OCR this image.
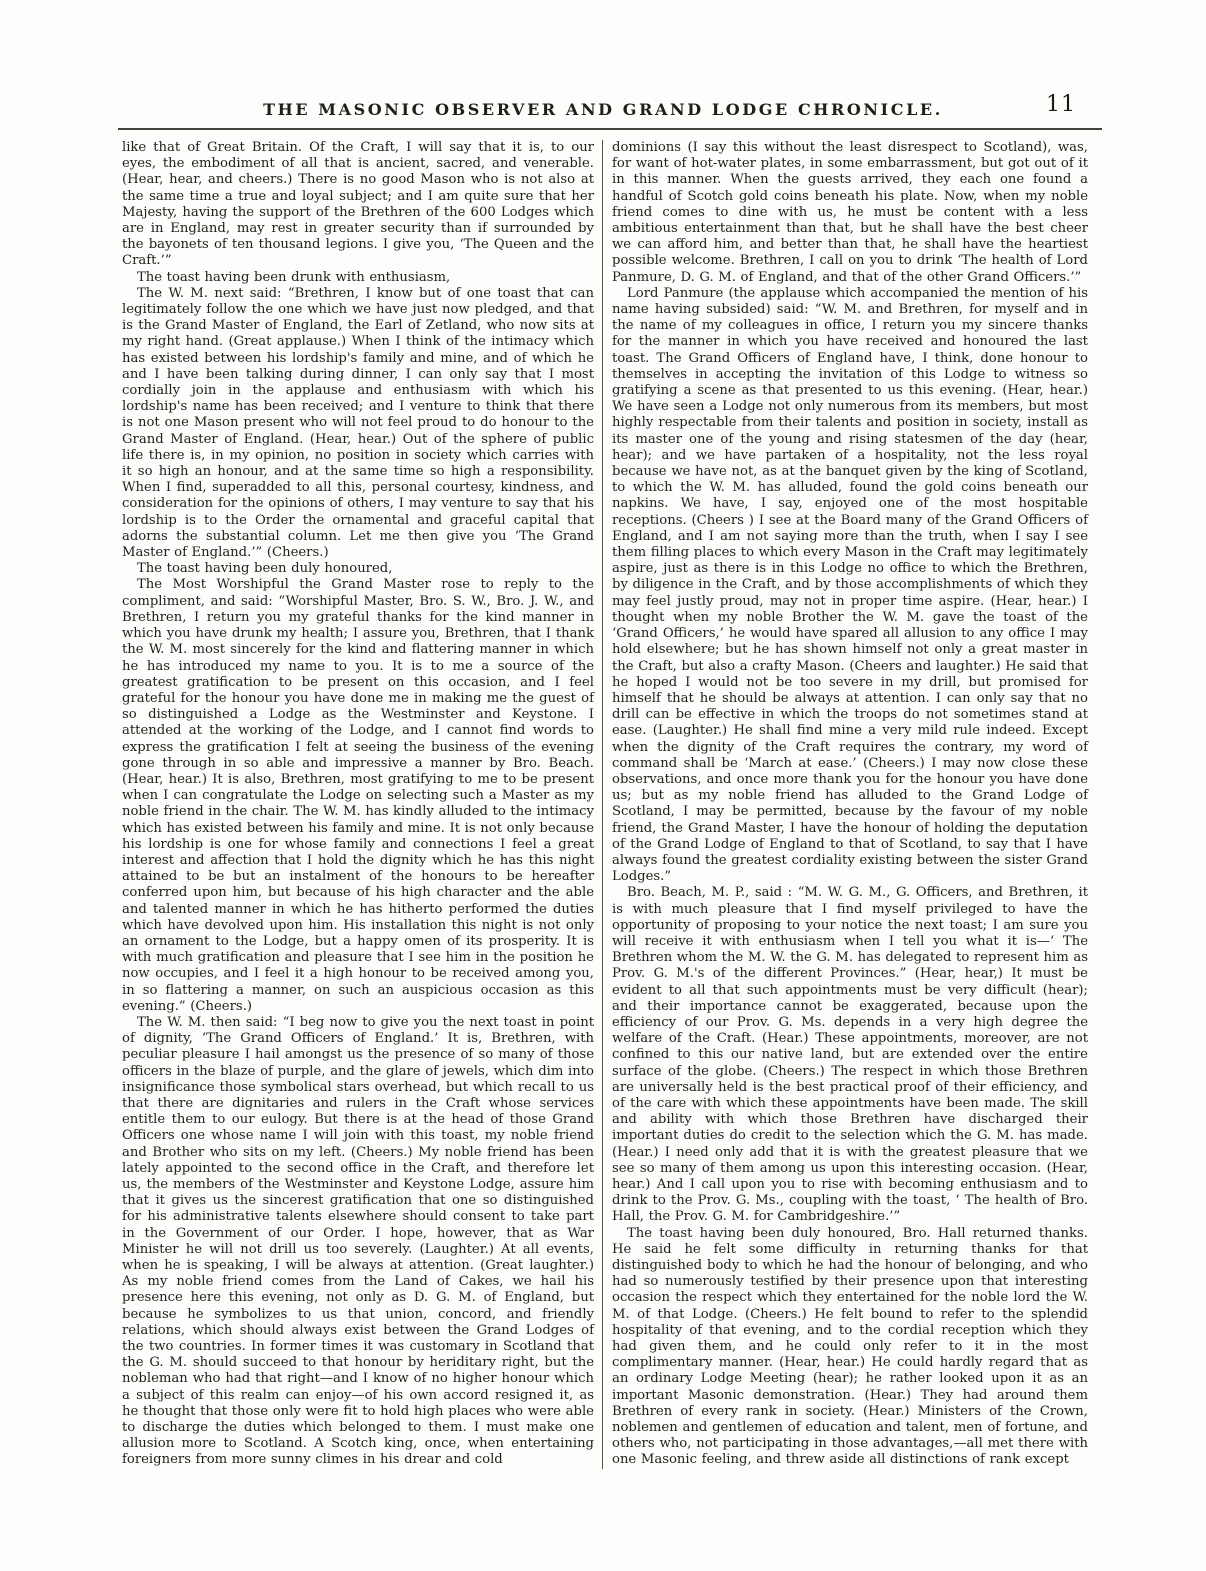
THE MASONIC OBSERVER AND GRAND LODGE CHRONICLE.	11

like that of Great Britain. Of the Craft, I will say that it is, to our eyes, the embodiment of all that is ancient, sacred, and venerable. (Hear, hear, and cheers.) There is no good Mason who is not also at the same time a true and loyal subject; and I am quite sure that her Majesty, having the support of the Brethren of the 600 Lodges which are in England, may rest in greater security than if surrounded by the bayonets of ten thousand legions. I give you, ‘The Queen and the Craft.’”

The toast having been drunk with enthusiasm,

The W. M. next said: “Brethren, I know but of one toast that can legitimately follow the one which we have just now pledged, and that is the Grand Master of England, the Earl of Zetland, who now sits at my right hand. (Great applause.) When I think of the intimacy which has existed between his lordship's family and mine, and of which he and I have been talking during dinner, I can only say that I most cordially join in the applause and enthusiasm with which his lordship's name has been received; and I venture to think that there is not one Mason present who will not feel proud to do honour to the Grand Master of England. (Hear, hear.) Out of the sphere of public life there is, in my opinion, no position in society which carries with it so high an honour, and at the same time so high a responsibility. When I find, superadded to all this, personal courtesy, kindness, and consideration for the opinions of others, I may venture to say that his lordship is to the Order the ornamental and graceful capital that adorns the substantial column. Let me then give you ‘The Grand Master of England.’” (Cheers.)

The toast having been duly honoured,

The Most Worshipful the Grand Master rose to reply to the compliment, and said: “Worshipful Master, Bro. S. W., Bro. J. W., and Brethren, I return you my grateful thanks for the kind manner in which you have drunk my health; I assure you, Brethren, that I thank the W. M. most sincerely for the kind and flattering manner in which he has introduced my name to you. It is to me a source of the greatest gratification to be present on this occasion, and I feel grateful for the honour you have done me in making me the guest of so distinguished a Lodge as the Westminster and Keystone. I attended at the working of the Lodge, and I cannot find words to express the gratification I felt at seeing the business of the evening gone through in so able and impressive a manner by Bro. Beach. (Hear, hear.) It is also, Brethren, most gratifying to me to be present when I can congratulate the Lodge on selecting such a Master as my noble friend in the chair. The W. M. has kindly alluded to the intimacy which has existed between his family and mine. It is not only because his lordship is one for whose family and connections I feel a great interest and affection that I hold the dignity which he has this night attained to be but an instalment of the honours to be hereafter conferred upon him, but because of his high character and the able and talented manner in which he has hitherto performed the duties which have devolved upon him. His installation this night is not only an ornament to the Lodge, but a happy omen of its prosperity. It is with much gratification and pleasure that I see him in the position he now occupies, and I feel it a high honour to be received among you, in so flattering a manner, on such an auspicious occasion as this evening.” (Cheers.)

The W. M. then said: “I beg now to give you the next toast in point of dignity, ‘The Grand Officers of England.’ It is, Brethren, with peculiar pleasure I hail amongst us the presence of so many of those officers in the blaze of purple, and the glare of jewels, which dim into insignificance those symbolical stars overhead, but which recall to us that there are dignitaries and rulers in the Craft whose services entitle them to our eulogy. But there is at the head of those Grand Officers one whose name I will join with this toast, my noble friend and Brother who sits on my left. (Cheers.) My noble friend has been lately appointed to the second office in the Craft, and therefore let us, the members of the Westminster and Keystone Lodge, assure him that it gives us the sincerest gratification that one so distinguished for his administrative talents elsewhere should consent to take part in the Government of our Order. I hope, however, that as War Minister he will not drill us too severely. (Laughter.) At all events, when he is speaking, I will be always at attention. (Great laughter.) As my noble friend comes from the Land of Cakes, we hail his presence here this evening, not only as D. G. M. of England, but because he symbolizes to us that union, concord, and friendly relations, which should always exist between the Grand Lodges of the two countries. In former times it was customary in Scotland that the G. M. should succeed to that honour by heriditary right, but the nobleman who had that right—and I know of no higher honour which a subject of this realm can enjoy—of his own accord resigned it, as he thought that those only were fit to hold high places who were able to discharge the duties which belonged to them. I must make one allusion more to Scotland. A Scotch king, once, when entertaining foreigners from more sunny climes in his drear and cold

dominions (I say this without the least disrespect to Scotland), was, for want of hot-water plates, in some embarrassment, but got out of it in this manner. When the guests arrived, they each one found a handful of Scotch gold coins beneath his plate. Now, when my noble friend comes to dine with us, he must be content with a less ambitious entertainment than that, but he shall have the best cheer we can afford him, and better than that, he shall have the heartiest possible welcome. Brethren, I call on you to drink ‘The health of Lord Panmure, D. G. M. of England, and that of the other Grand Officers.’”

Lord Panmure (the applause which accompanied the mention of his name having subsided) said: “W. M. and Brethren, for myself and in the name of my colleagues in office, I return you my sincere thanks for the manner in which you have received and honoured the last toast. The Grand Officers of England have, I think, done honour to themselves in accepting the invitation of this Lodge to witness so gratifying a scene as that presented to us this evening. (Hear, hear.) We have seen a Lodge not only numerous from its members, but most highly respectable from their talents and position in society, install as its master one of the young and rising statesmen of the day (hear, hear); and we have partaken of a hospitality, not the less royal because we have not, as at the banquet given by the king of Scotland, to which the W. M. has alluded, found the gold coins beneath our napkins. We have, I say, enjoyed one of the most hospitable receptions. (Cheers ) I see at the Board many of the Grand Officers of England, and I am not saying more than the truth, when I say I see them filling places to which every Mason in the Craft may legitimately aspire, just as there is in this Lodge no office to which the Brethren, by diligence in the Craft, and by those accomplishments of which they may feel justly proud, may not in proper time aspire. (Hear, hear.) I thought when my noble Brother the W. M. gave the toast of the ‘Grand Officers,’ he would have spared all allusion to any office I may hold elsewhere; but he has shown himself not only a great master in the Craft, but also a crafty Mason. (Cheers and laughter.) He said that he hoped I would not be too severe in my drill, but promised for himself that he should be always at attention. I can only say that no drill can be effective in which the troops do not sometimes stand at ease. (Laughter.) He shall find mine a very mild rule indeed. Except when the dignity of the Craft requires the contrary, my word of command shall be ‘March at ease.’ (Cheers.) I may now close these observations, and once more thank you for the honour you have done us; but as my noble friend has alluded to the Grand Lodge of Scotland, I may be permitted, because by the favour of my noble friend, the Grand Master, I have the honour of holding the deputation of the Grand Lodge of England to that of Scotland, to say that I have always found the greatest cordiality existing between the sister Grand Lodges.”

Bro. Beach, M. P., said : “M. W. G. M., G. Officers, and Brethren, it is with much pleasure that I find myself privileged to have the opportunity of proposing to your notice the next toast; I am sure you will receive it with enthusiasm when I tell you what it is—‘ The Brethren whom the M. W. the G. M. has delegated to represent him as Prov. G. M.'s of the different Provinces.” (Hear, hear,) It must be evident to all that such appointments must be very difficult (hear); and their importance cannot be exaggerated, because upon the efficiency of our Prov. G. Ms. depends in a very high degree the welfare of the Craft. (Hear.) These appointments, moreover, are not confined to this our native land, but are extended over the entire surface of the globe. (Cheers.) The respect in which those Brethren are universally held is the best practical proof of their efficiency, and of the care with which these appointments have been made. The skill and ability with which those Brethren have discharged their important duties do credit to the selection which the G. M. has made. (Hear.) I need only add that it is with the greatest pleasure that we see so many of them among us upon this interesting occasion. (Hear, hear.) And I call upon you to rise with becoming enthusiasm and to drink to the Prov. G. Ms., coupling with the toast, ‘ The health of Bro. Hall, the Prov. G. M. for Cambridgeshire.’”

The toast having been duly honoured, Bro. Hall returned thanks. He said he felt some difficulty in returning thanks for that distinguished body to which he had the honour of belonging, and who had so numerously testified by their presence upon that interesting occasion the respect which they entertained for the noble lord the W. M. of that Lodge. (Cheers.) He felt bound to refer to the splendid hospitality of that evening, and to the cordial reception which they had given them, and he could only refer to it in the most complimentary manner. (Hear, hear.) He could hardly regard that as an ordinary Lodge Meeting (hear); he rather looked upon it as an important Masonic demonstration. (Hear.) They had around them Brethren of every rank in society. (Hear.) Ministers of the Crown, noblemen and gentlemen of education and talent, men of fortune, and others who, not participating in those advantages,—all met there with one Masonic feeling, and threw aside all distinctions of rank except
